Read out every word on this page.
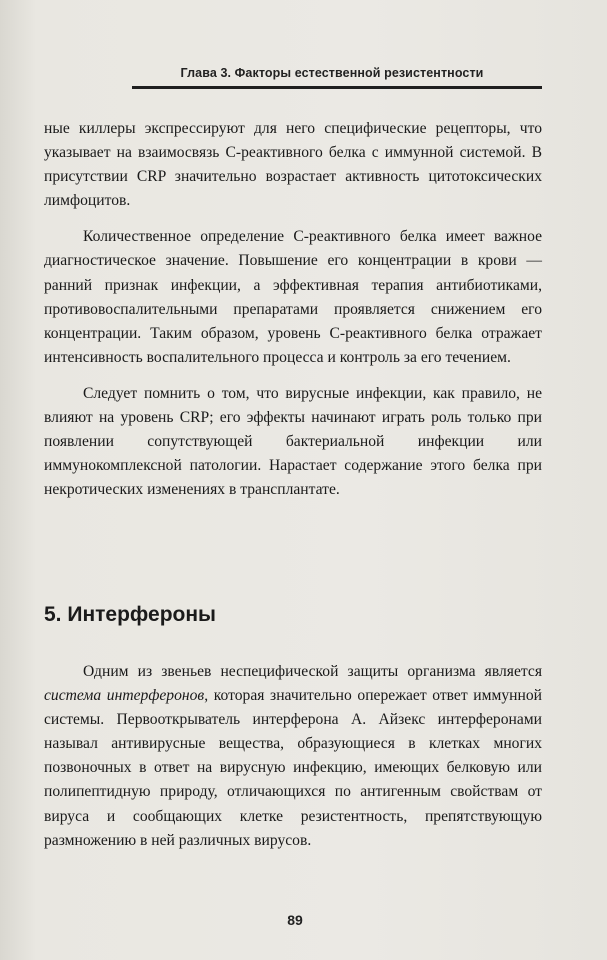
Глава 3. Факторы естественной резистентности

ные киллеры экспрессируют для него специфические рецепторы, что указывает на взаимосвязь С-реактивного белка с иммунной системой. В присутствии CRP значительно возрастает активность цитотоксических лимфоцитов.

Количественное определение С-реактивного белка имеет важное диагностическое значение. Повышение его концентрации в крови — ранний признак инфекции, а эффективная терапия антибиотиками, противовоспалительными препаратами проявляется снижением его концентрации. Таким образом, уровень С-реактивного белка отражает интенсивность воспалительного процесса и контроль за его течением.

Следует помнить о том, что вирусные инфекции, как правило, не влияют на уровень CRP; его эффекты начинают играть роль только при появлении сопутствующей бактериальной инфекции или иммунокомплексной патологии. Нарастает содержание этого белка при некротических изменениях в трансплантате.

5. Интерфероны

Одним из звеньев неспецифической защиты организма является система интерферонов, которая значительно опережает ответ иммунной системы. Первооткрыватель интерферона А. Айзекс интерферонами называл антивирусные вещества, образующиеся в клетках многих позвоночных в ответ на вирусную инфекцию, имеющих белковую или полипептидную природу, отличающихся по антигенным свойствам от вируса и сообщающих клетке резистентность, препятствующую размножению в ней различных вирусов.

89
